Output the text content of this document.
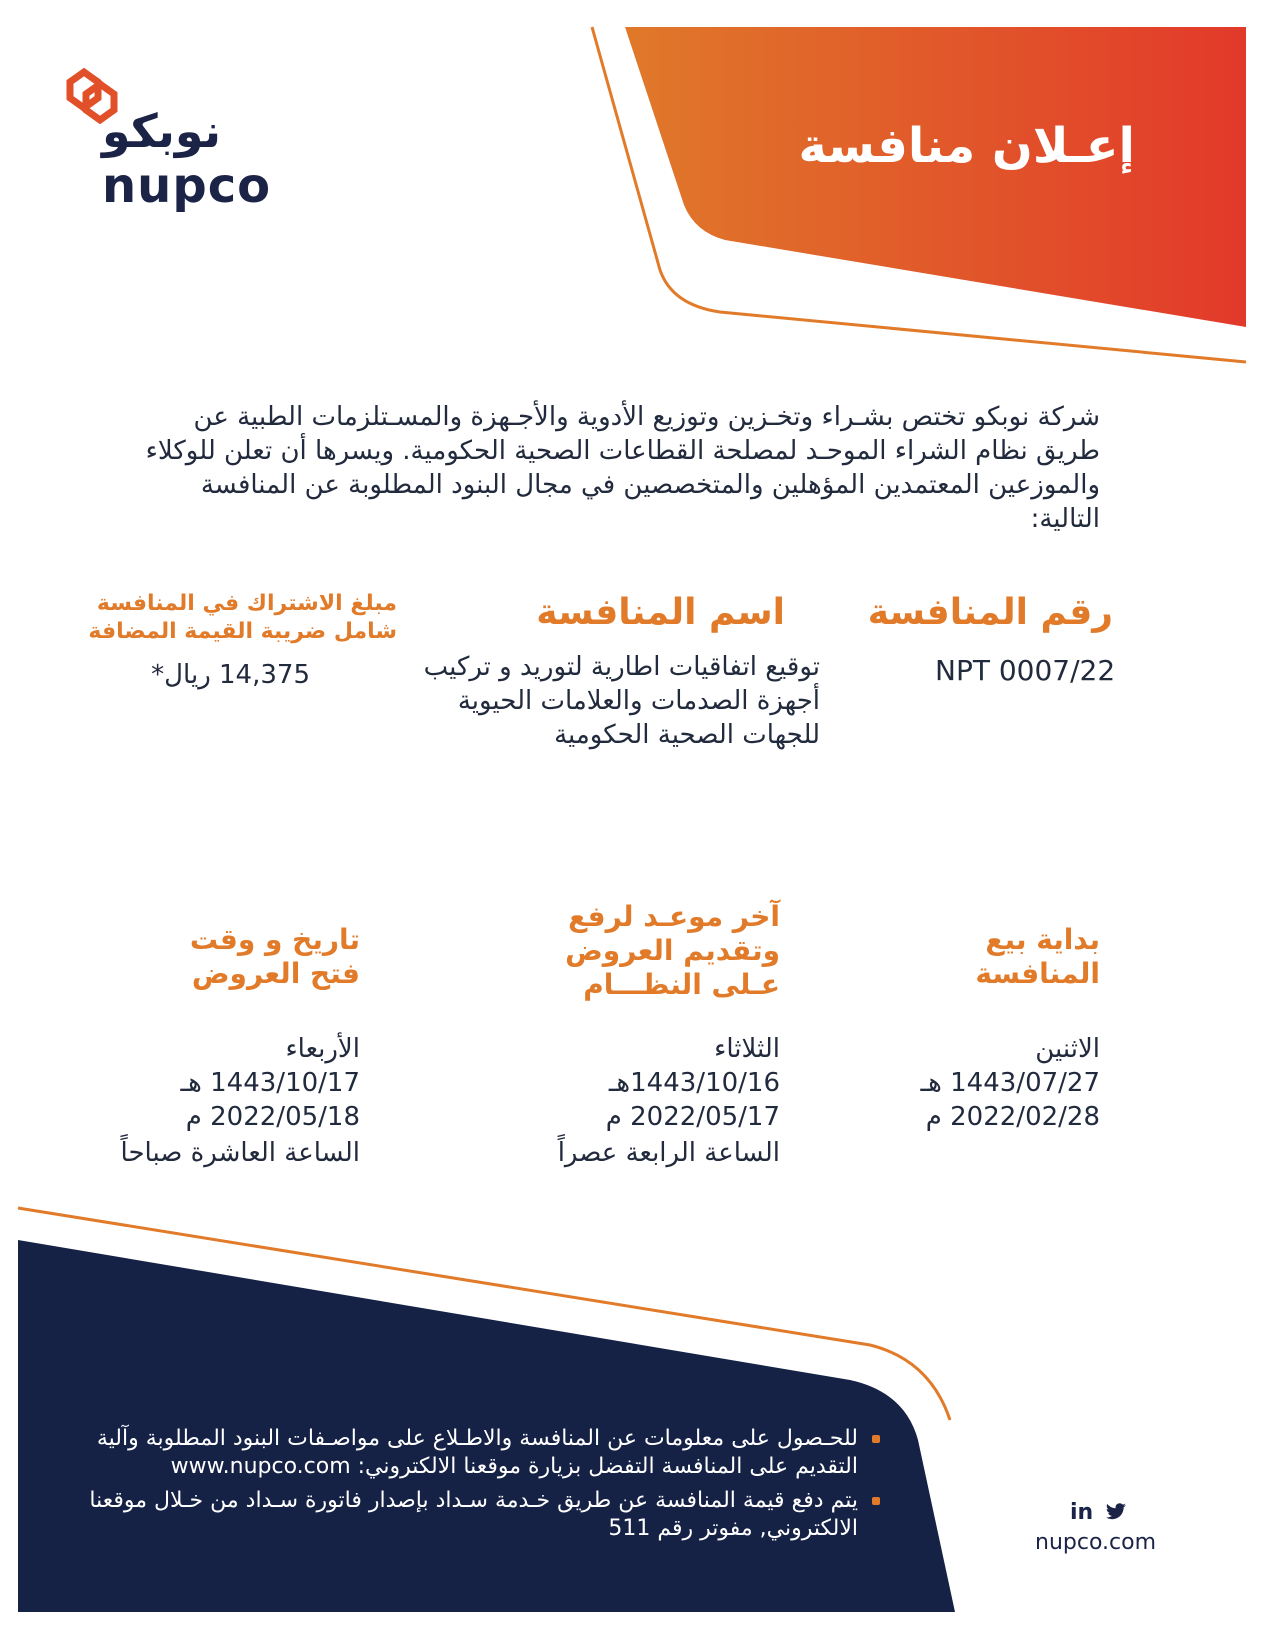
نوبكو
nupco
إعـلان منافسة
شركة نوبكو تختص بشـراء وتخـزين وتوزيع الأدوية والأجـهزة والمسـتلزمات الطبية عن طريق نظام الشراء الموحـد لمصلحة القطاعات الصحية الحكومية. ويسرها أن تعلن للوكلاء والموزعين المعتمدين المؤهلين والمتخصصين في مجال البنود المطلوبة عن المنافسة التالية:
رقم المنافسة
NPT 0007/22
اسم المنافسة
توقيع اتفاقيات اطارية لتوريد و تركيب أجهزة الصدمات والعلامات الحيوية للجهات الصحية الحكومية
مبلغ الاشتراك في المنافسة
شامل ضريبة القيمة المضافة
14,375 ريال*
بداية بيع
المنافسة
الاثنين
1443/07/27 هـ
2022/02/28 م
آخر موعـد لرفع
وتقديم العروض
عـلى النظـــام
الثلاثاء
1443/10/16هـ
2022/05/17 م
الساعة الرابعة عصراً
تاريخ و وقت
فتح العروض
الأربعاء
1443/10/17 هـ
2022/05/18 م
الساعة العاشرة صباحاً
للحـصول على معلومات عن المنافسة والاطـلاع على مواصـفات البنود المطلوبة وآلية التقديم على المنافسة التفضل بزيارة موقعنا الالكتروني: www.nupco.com
يتم دفع قيمة المنافسة عن طريق خـدمة سـداد بإصدار فاتورة سـداد من خـلال موقعنا الالكتروني, مفوتر رقم 511
in
nupco.com
